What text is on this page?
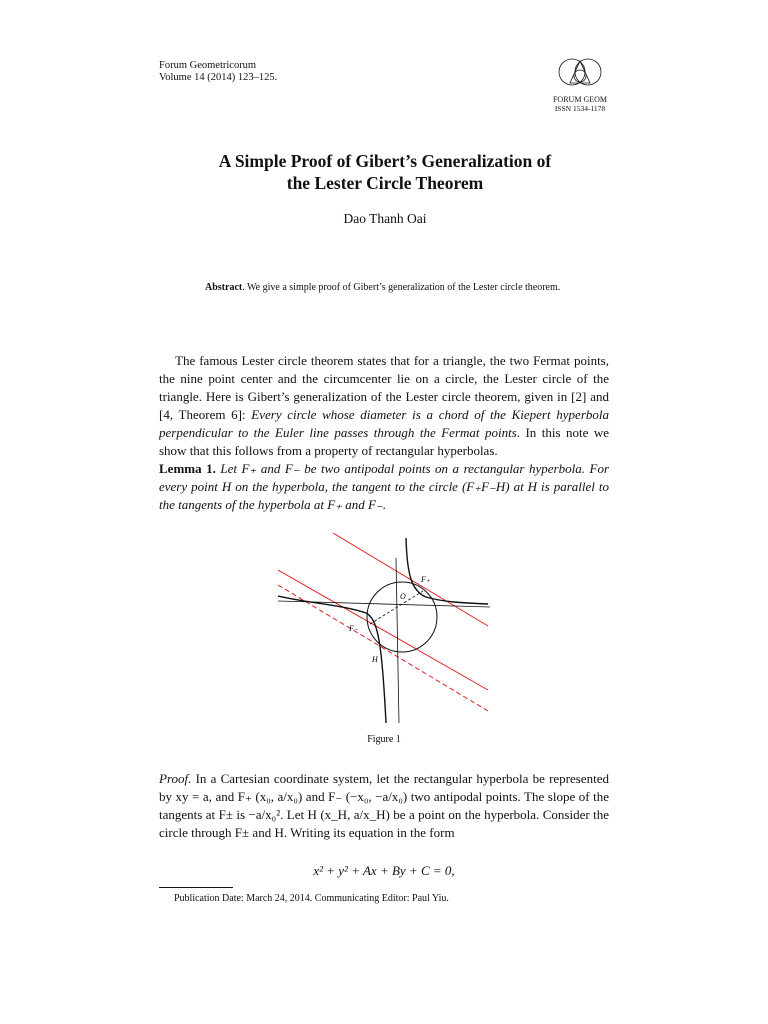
Forum Geometricorum
Volume 14 (2014) 123–125.
FORUM GEOM
ISSN 1534-1178
A Simple Proof of Gibert’s Generalization of
the Lester Circle Theorem
Dao Thanh Oai
Abstract. We give a simple proof of Gibert’s generalization of the Lester circle theorem.
The famous Lester circle theorem states that for a triangle, the two Fermat points, the nine point center and the circumcenter lie on a circle, the Lester circle of the triangle. Here is Gibert’s generalization of the Lester circle theorem, given in [2] and [4, Theorem 6]: Every circle whose diameter is a chord of the Kiepert hyperbola perpendicular to the Euler line passes through the Fermat points. In this note we show that this follows from a property of rectangular hyperbolas.
Lemma 1. Let F₊ and F₋ be two antipodal points on a rectangular hyperbola. For every point H on the hyperbola, the tangent to the circle (F₊F₋H) at H is parallel to the tangents of the hyperbola at F₊ and F₋.
F₊
O
F₋
H
Figure 1
Proof. In a Cartesian coordinate system, let the rectangular hyperbola be represented by xy = a, and F₊ (x₀, a/x₀) and F₋ (−x₀, −a/x₀) two antipodal points. The slope of the tangents at F± is −a/x₀². Let H (x_H, a/x_H) be a point on the hyperbola. Consider the circle through F± and H. Writing its equation in the form
x² + y² + Ax + By + C = 0,
Publication Date: March 24, 2014. Communicating Editor: Paul Yiu.
